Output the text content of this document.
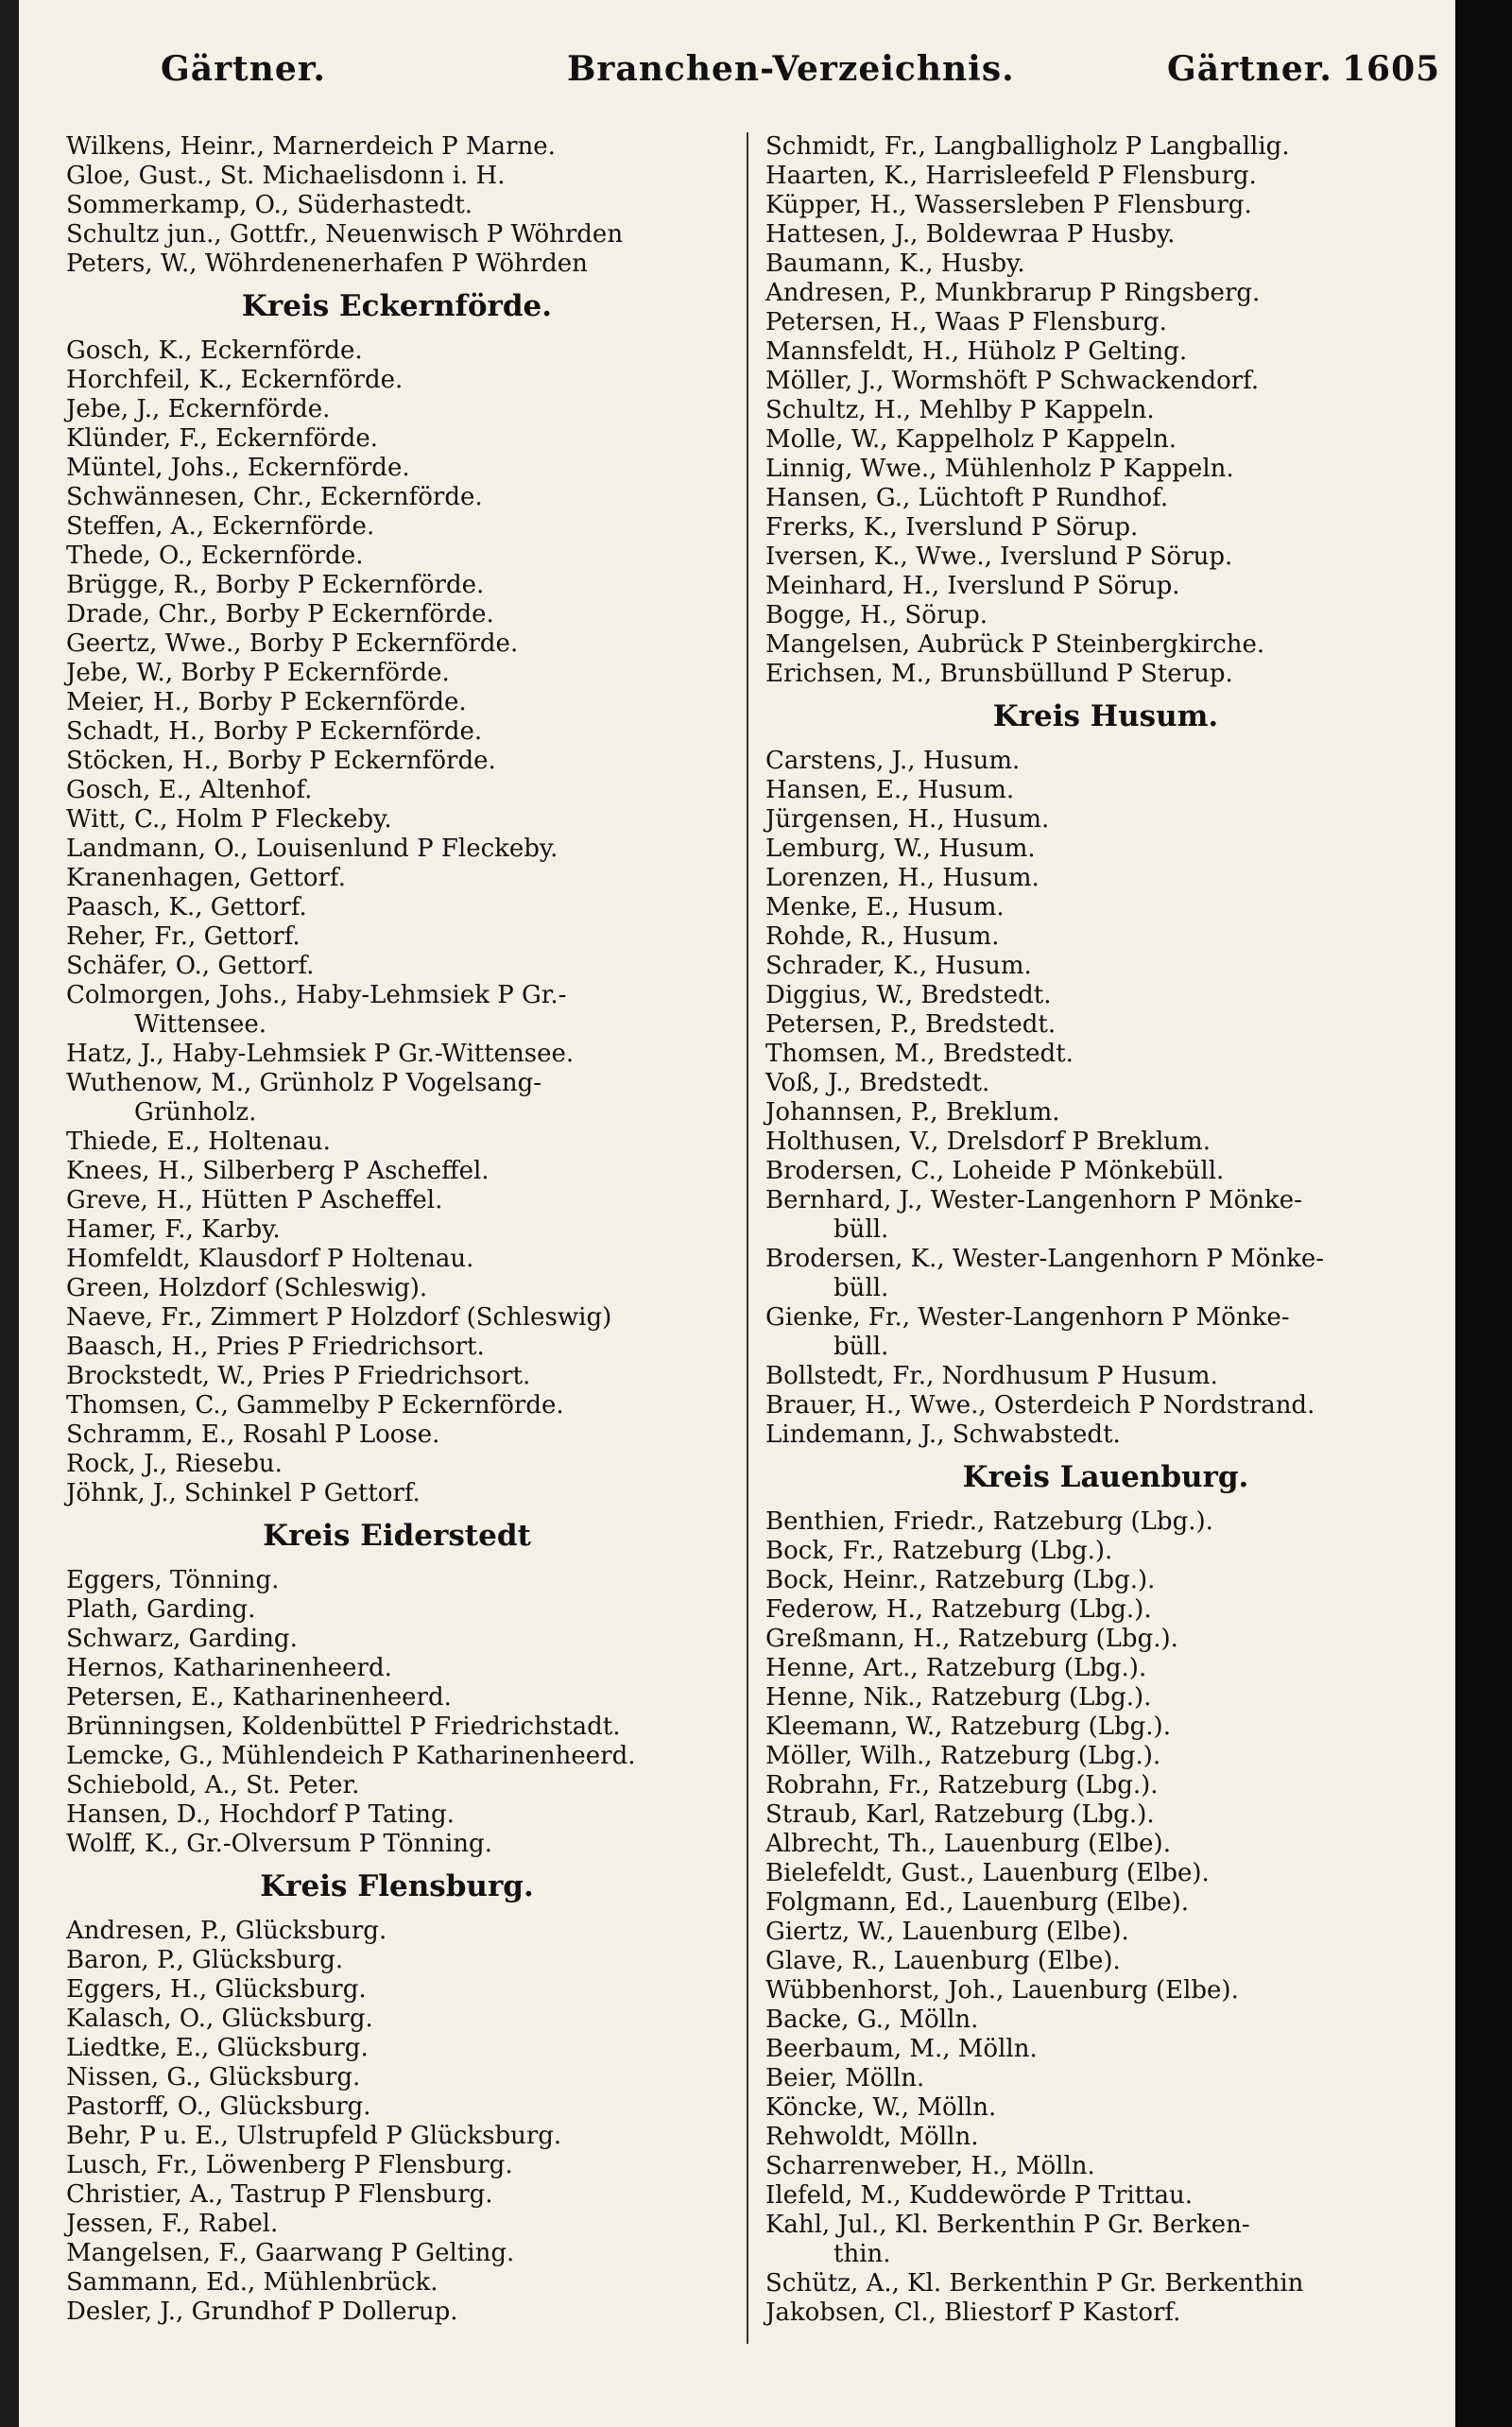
Gärtner.	Branchen-Verzeichnis.	Gärtner. 1605
Wilkens, Heinr., Marnerdeich P Marne.
Gloe, Gust., St. Michaelisdonn i. H.
Sommerkamp, O., Süderhastedt.
Schultz jun., Gottfr., Neuenwisch P Wöhrden
Peters, W., Wöhrdenenerhafen P Wöhrden
Kreis Eckernförde.
Gosch, K., Eckernförde.
Horchfeil, K., Eckernförde.
Jebe, J., Eckernförde.
Klünder, F., Eckernförde.
Müntel, Johs., Eckernförde.
Schwännesen, Chr., Eckernförde.
Steffen, A., Eckernförde.
Thede, O., Eckernförde.
Brügge, R., Borby P Eckernförde.
Drade, Chr., Borby P Eckernförde.
Geertz, Wwe., Borby P Eckernförde.
Jebe, W., Borby P Eckernförde.
Meier, H., Borby P Eckernförde.
Schadt, H., Borby P Eckernförde.
Stöcken, H., Borby P Eckernförde.
Gosch, E., Altenhof.
Witt, C., Holm P Fleckeby.
Landmann, O., Louisenlund P Fleckeby.
Kranenhagen, Gettorf.
Paasch, K., Gettorf.
Reher, Fr., Gettorf.
Schäfer, O., Gettorf.
Colmorgen, Johs., Haby-Lehmsiek P Gr.-
Wittensee.
Hatz, J., Haby-Lehmsiek P Gr.-Wittensee.
Wuthenow, M., Grünholz P Vogelsang-
Grünholz.
Thiede, E., Holtenau.
Knees, H., Silberberg P Ascheffel.
Greve, H., Hütten P Ascheffel.
Hamer, F., Karby.
Homfeldt, Klausdorf P Holtenau.
Green, Holzdorf (Schleswig).
Naeve, Fr., Zimmert P Holzdorf (Schleswig)
Baasch, H., Pries P Friedrichsort.
Brockstedt, W., Pries P Friedrichsort.
Thomsen, C., Gammelby P Eckernförde.
Schramm, E., Rosahl P Loose.
Rock, J., Riesebu.
Jöhnk, J., Schinkel P Gettorf.
Kreis Eiderstedt
Eggers, Tönning.
Plath, Garding.
Schwarz, Garding.
Hernos, Katharinenheerd.
Petersen, E., Katharinenheerd.
Brünningsen, Koldenbüttel P Friedrichstadt.
Lemcke, G., Mühlendeich P Katharinenheerd.
Schiebold, A., St. Peter.
Hansen, D., Hochdorf P Tating.
Wolff, K., Gr.-Olversum P Tönning.
Kreis Flensburg.
Andresen, P., Glücksburg.
Baron, P., Glücksburg.
Eggers, H., Glücksburg.
Kalasch, O., Glücksburg.
Liedtke, E., Glücksburg.
Nissen, G., Glücksburg.
Pastorff, O., Glücksburg.
Behr, P u. E., Ulstrupfeld P Glücksburg.
Lusch, Fr., Löwenberg P Flensburg.
Christier, A., Tastrup P Flensburg.
Jessen, F., Rabel.
Mangelsen, F., Gaarwang P Gelting.
Sammann, Ed., Mühlenbrück.
Desler, J., Grundhof P Dollerup.
Schmidt, Fr., Langballigholz P Langballig.
Haarten, K., Harrisleefeld P Flensburg.
Küpper, H., Wassersleben P Flensburg.
Hattesen, J., Boldewraa P Husby.
Baumann, K., Husby.
Andresen, P., Munkbrarup P Ringsberg.
Petersen, H., Waas P Flensburg.
Mannsfeldt, H., Hüholz P Gelting.
Möller, J., Wormshöft P Schwackendorf.
Schultz, H., Mehlby P Kappeln.
Molle, W., Kappelholz P Kappeln.
Linnig, Wwe., Mühlenholz P Kappeln.
Hansen, G., Lüchtoft P Rundhof.
Frerks, K., Iverslund P Sörup.
Iversen, K., Wwe., Iverslund P Sörup.
Meinhard, H., Iverslund P Sörup.
Bogge, H., Sörup.
Mangelsen, Aubrück P Steinbergkirche.
Erichsen, M., Brunsbüllund P Sterup.
Kreis Husum.
Carstens, J., Husum.
Hansen, E., Husum.
Jürgensen, H., Husum.
Lemburg, W., Husum.
Lorenzen, H., Husum.
Menke, E., Husum.
Rohde, R., Husum.
Schrader, K., Husum.
Diggius, W., Bredstedt.
Petersen, P., Bredstedt.
Thomsen, M., Bredstedt.
Voß, J., Bredstedt.
Johannsen, P., Breklum.
Holthusen, V., Drelsdorf P Breklum.
Brodersen, C., Loheide P Mönkebüll.
Bernhard, J., Wester-Langenhorn P Mönke-
büll.
Brodersen, K., Wester-Langenhorn P Mönke-
büll.
Gienke, Fr., Wester-Langenhorn P Mönke-
büll.
Bollstedt, Fr., Nordhusum P Husum.
Brauer, H., Wwe., Osterdeich P Nordstrand.
Lindemann, J., Schwabstedt.
Kreis Lauenburg.
Benthien, Friedr., Ratzeburg (Lbg.).
Bock, Fr., Ratzeburg (Lbg.).
Bock, Heinr., Ratzeburg (Lbg.).
Federow, H., Ratzeburg (Lbg.).
Greßmann, H., Ratzeburg (Lbg.).
Henne, Art., Ratzeburg (Lbg.).
Henne, Nik., Ratzeburg (Lbg.).
Kleemann, W., Ratzeburg (Lbg.).
Möller, Wilh., Ratzeburg (Lbg.).
Robrahn, Fr., Ratzeburg (Lbg.).
Straub, Karl, Ratzeburg (Lbg.).
Albrecht, Th., Lauenburg (Elbe).
Bielefeldt, Gust., Lauenburg (Elbe).
Folgmann, Ed., Lauenburg (Elbe).
Giertz, W., Lauenburg (Elbe).
Glave, R., Lauenburg (Elbe).
Wübbenhorst, Joh., Lauenburg (Elbe).
Backe, G., Mölln.
Beerbaum, M., Mölln.
Beier, Mölln.
Köncke, W., Mölln.
Rehwoldt, Mölln.
Scharrenweber, H., Mölln.
Ilefeld, M., Kuddewörde P Trittau.
Kahl, Jul., Kl. Berkenthin P Gr. Berken-
thin.
Schütz, A., Kl. Berkenthin P Gr. Berkenthin
Jakobsen, Cl., Bliestorf P Kastorf.
